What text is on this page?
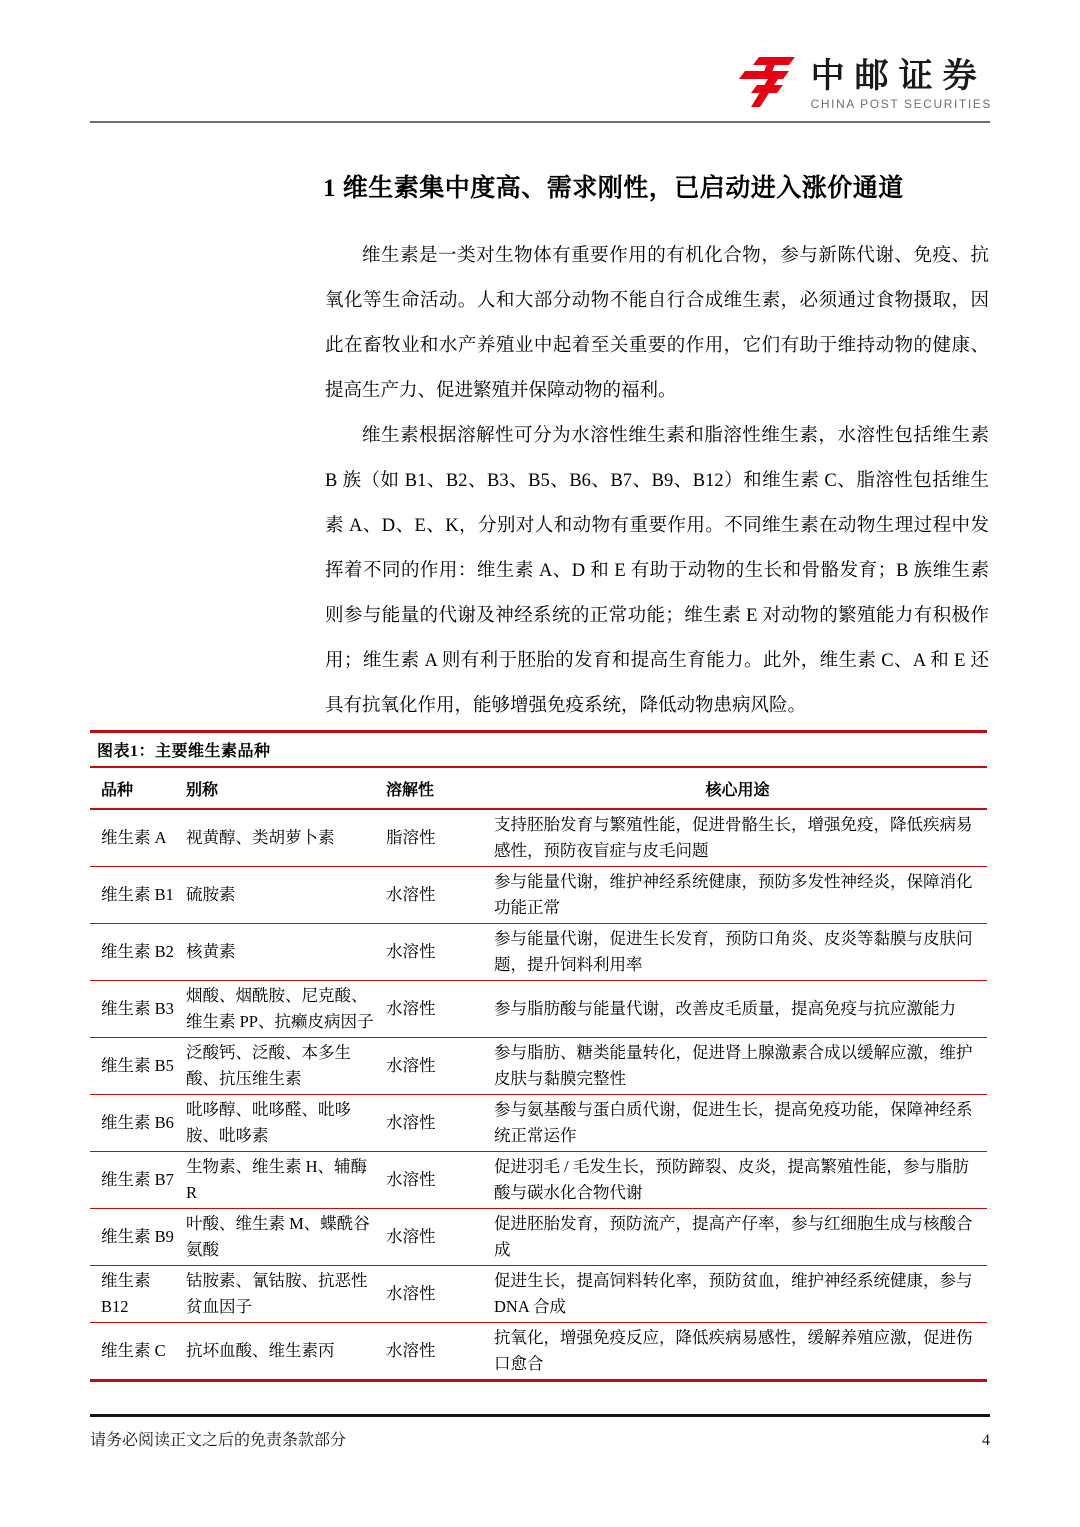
中邮证券
CHINA POST SECURITIES
1 维生素集中度高、需求刚性，已启动进入涨价通道

维生素是一类对生物体有重要作用的有机化合物，参与新陈代谢、免疫、抗氧化等生命活动。人和大部分动物不能自行合成维生素，必须通过食物摄取，因此在畜牧业和水产养殖业中起着至关重要的作用，它们有助于维持动物的健康、提高生产力、促进繁殖并保障动物的福利。

维生素根据溶解性可分为水溶性维生素和脂溶性维生素，水溶性包括维生素 B 族（如 B1、B2、B3、B5、B6、B7、B9、B12）和维生素 C、脂溶性包括维生素 A、D、E、K，分别对人和动物有重要作用。不同维生素在动物生理过程中发挥着不同的作用：维生素 A、D 和 E 有助于动物的生长和骨骼发育；B 族维生素则参与能量的代谢及神经系统的正常功能；维生素 E 对动物的繁殖能力有积极作用；维生素 A 则有利于胚胎的发育和提高生育能力。此外，维生素 C、A 和 E 还具有抗氧化作用，能够增强免疫系统，降低动物患病风险。

图表1：主要维生素品种
品种	别称	溶解性	核心用途
维生素 A	视黄醇、类胡萝卜素	脂溶性	支持胚胎发育与繁殖性能，促进骨骼生长，增强免疫，降低疾病易感性，预防夜盲症与皮毛问题
维生素 B1	硫胺素	水溶性	参与能量代谢，维护神经系统健康，预防多发性神经炎，保障消化功能正常
维生素 B2	核黄素	水溶性	参与能量代谢，促进生长发育，预防口角炎、皮炎等黏膜与皮肤问题，提升饲料利用率
维生素 B3	烟酸、烟酰胺、尼克酸、维生素 PP、抗癞皮病因子	水溶性	参与脂肪酸与能量代谢，改善皮毛质量，提高免疫与抗应激能力
维生素 B5	泛酸钙、泛酸、本多生酸、抗压维生素	水溶性	参与脂肪、糖类能量转化，促进肾上腺激素合成以缓解应激，维护皮肤与黏膜完整性
维生素 B6	吡哆醇、吡哆醛、吡哆胺、吡哆素	水溶性	参与氨基酸与蛋白质代谢，促进生长，提高免疫功能，保障神经系统正常运作
维生素 B7	生物素、维生素 H、辅酶 R	水溶性	促进羽毛 / 毛发生长，预防蹄裂、皮炎，提高繁殖性能，参与脂肪酸与碳水化合物代谢
维生素 B9	叶酸、维生素 M、蝶酰谷氨酸	水溶性	促进胚胎发育，预防流产，提高产仔率，参与红细胞生成与核酸合成
维生素 B12	钴胺素、氰钴胺、抗恶性贫血因子	水溶性	促进生长，提高饲料转化率，预防贫血，维护神经系统健康，参与 DNA 合成
维生素 C	抗坏血酸、维生素丙	水溶性	抗氧化，增强免疫反应，降低疾病易感性，缓解养殖应激，促进伤口愈合
请务必阅读正文之后的免责条款部分	4
